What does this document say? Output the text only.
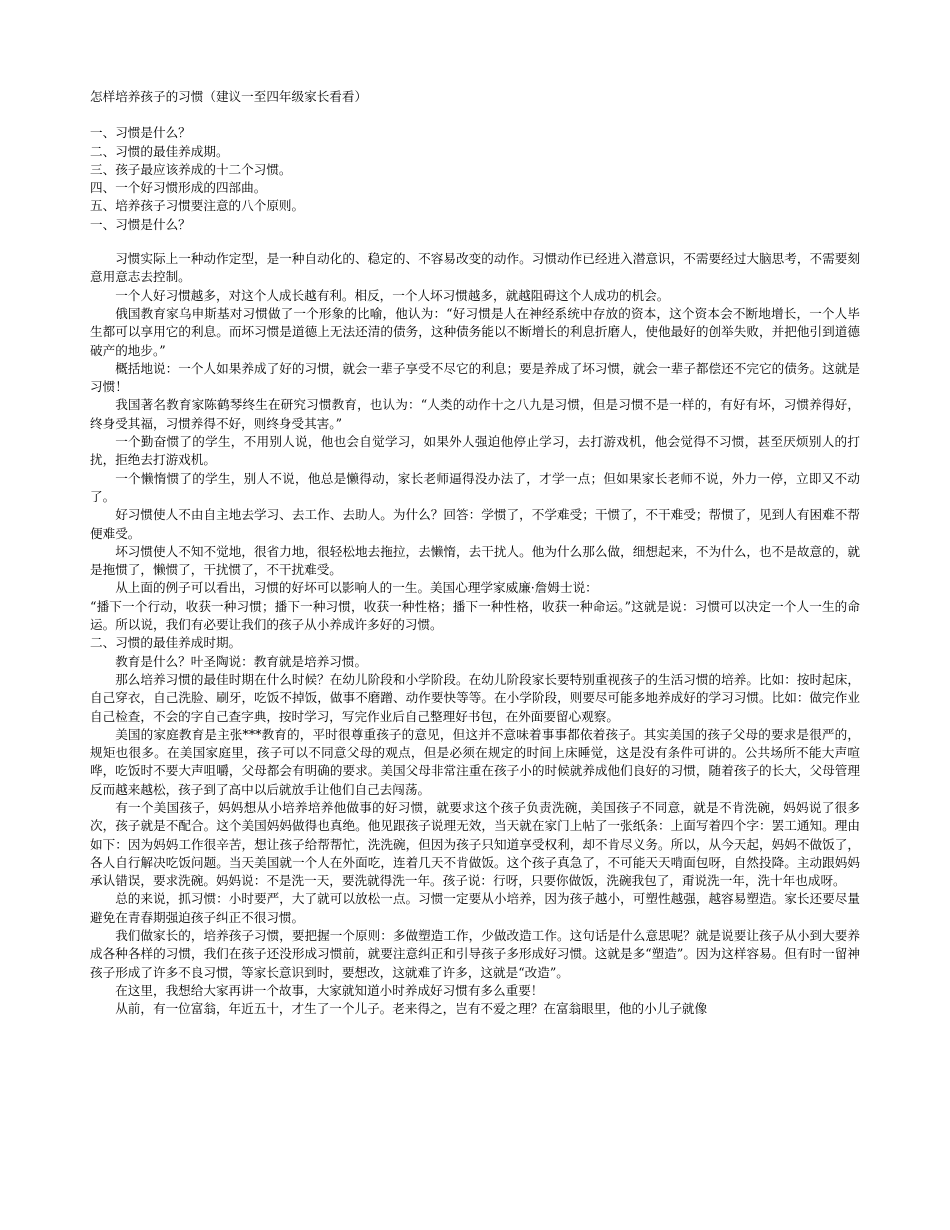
怎样培养孩子的习惯（建议一至四年级家长看看）
一、习惯是什么？
二、习惯的最佳养成期。
三、孩子最应该养成的十二个习惯。
四、一个好习惯形成的四部曲。
五、培养孩子习惯要注意的八个原则。
一、习惯是什么？

习惯实际上一种动作定型，是一种自动化的、稳定的、不容易改变的动作。习惯动作已经进入潜意识，不需要经过大脑思考，不需要刻意用意志去控制。

一个人好习惯越多，对这个人成长越有利。相反，一个人坏习惯越多，就越阻碍这个人成功的机会。

俄国教育家乌申斯基对习惯做了一个形象的比喻，他认为：“好习惯是人在神经系统中存放的资本，这个资本会不断地增长，一个人毕生都可以享用它的利息。而坏习惯是道德上无法还清的债务，这种债务能以不断增长的利息折磨人，使他最好的创举失败，并把他引到道德破产的地步。”

概括地说：一个人如果养成了好的习惯，就会一辈子享受不尽它的利息；要是养成了坏习惯，就会一辈子都偿还不完它的债务。这就是习惯！

我国著名教育家陈鹤琴终生在研究习惯教育，也认为：“人类的动作十之八九是习惯，但是习惯不是一样的，有好有坏，习惯养得好，终身受其福，习惯养得不好，则终身受其害。”

一个勤奋惯了的学生，不用别人说，他也会自觉学习，如果外人强迫他停止学习，去打游戏机，他会觉得不习惯，甚至厌烦别人的打扰，拒绝去打游戏机。

一个懒惰惯了的学生，别人不说，他总是懒得动，家长老师逼得没办法了，才学一点；但如果家长老师不说，外力一停，立即又不动了。

好习惯使人不由自主地去学习、去工作、去助人。为什么？回答：学惯了，不学难受；干惯了，不干难受；帮惯了，见到人有困难不帮便难受。

坏习惯使人不知不觉地，很省力地，很轻松地去拖拉，去懒惰，去干扰人。他为什么那么做，细想起来，不为什么，也不是故意的，就是拖惯了，懒惯了，干扰惯了，不干扰难受。

从上面的例子可以看出，习惯的好坏可以影响人的一生。美国心理学家威廉·詹姆士说：

“播下一个行动，收获一种习惯；播下一种习惯，收获一种性格；播下一种性格，收获一种命运。”这就是说：习惯可以决定一个人一生的命运。所以说，我们有必要让我们的孩子从小养成许多好的习惯。

二、习惯的最佳养成时期。

教育是什么？叶圣陶说：教育就是培养习惯。

那么培养习惯的最佳时期在什么时候？在幼儿阶段和小学阶段。在幼儿阶段家长要特别重视孩子的生活习惯的培养。比如：按时起床，自己穿衣，自己洗脸、刷牙，吃饭不掉饭，做事不磨蹭、动作要快等等。在小学阶段，则要尽可能多地养成好的学习习惯。比如：做完作业自己检查，不会的字自己查字典，按时学习，写完作业后自己整理好书包，在外面要留心观察。

美国的家庭教育是主张***教育的，平时很尊重孩子的意见，但这并不意味着事事都依着孩子。其实美国的孩子父母的要求是很严的，规矩也很多。在美国家庭里，孩子可以不同意父母的观点，但是必须在规定的时间上床睡觉，这是没有条件可讲的。公共场所不能大声喧哗，吃饭时不要大声咀嚼，父母都会有明确的要求。美国父母非常注重在孩子小的时候就养成他们良好的习惯，随着孩子的长大，父母管理反而越来越松，孩子到了高中以后就放手让他们自己去闯荡。

有一个美国孩子，妈妈想从小培养培养他做事的好习惯，就要求这个孩子负责洗碗，美国孩子不同意，就是不肯洗碗，妈妈说了很多次，孩子就是不配合。这个美国妈妈做得也真绝。他见跟孩子说理无效，当天就在家门上帖了一张纸条：上面写着四个字：罢工通知。理由如下：因为妈妈工作很辛苦，想让孩子给帮帮忙，洗洗碗，但因为孩子只知道享受权利，却不肯尽义务。所以，从今天起，妈妈不做饭了，各人自行解决吃饭问题。当天美国就一个人在外面吃，连着几天不肯做饭。这个孩子真急了，不可能天天啃面包呀，自然投降。主动跟妈妈承认错误，要求洗碗。妈妈说：不是洗一天，要洗就得洗一年。孩子说：行呀，只要你做饭，洗碗我包了，甭说洗一年，洗十年也成呀。

总的来说，抓习惯：小时要严，大了就可以放松一点。习惯一定要从小培养，因为孩子越小，可塑性越强，越容易塑造。家长还要尽量避免在青春期强迫孩子纠正不很习惯。

我们做家长的，培养孩子习惯，要把握一个原则：多做塑造工作，少做改造工作。这句话是什么意思呢？就是说要让孩子从小到大要养成各种各样的习惯，我们在孩子还没形成习惯前，就要注意纠正和引导孩子多形成好习惯。这就是多“塑造”。因为这样容易。但有时一留神孩子形成了许多不良习惯，等家长意识到时，要想改，这就难了许多，这就是“改造”。

在这里，我想给大家再讲一个故事，大家就知道小时养成好习惯有多么重要！

从前，有一位富翁，年近五十，才生了一个儿子。老来得之，岂有不爱之理？在富翁眼里，他的小儿子就像
